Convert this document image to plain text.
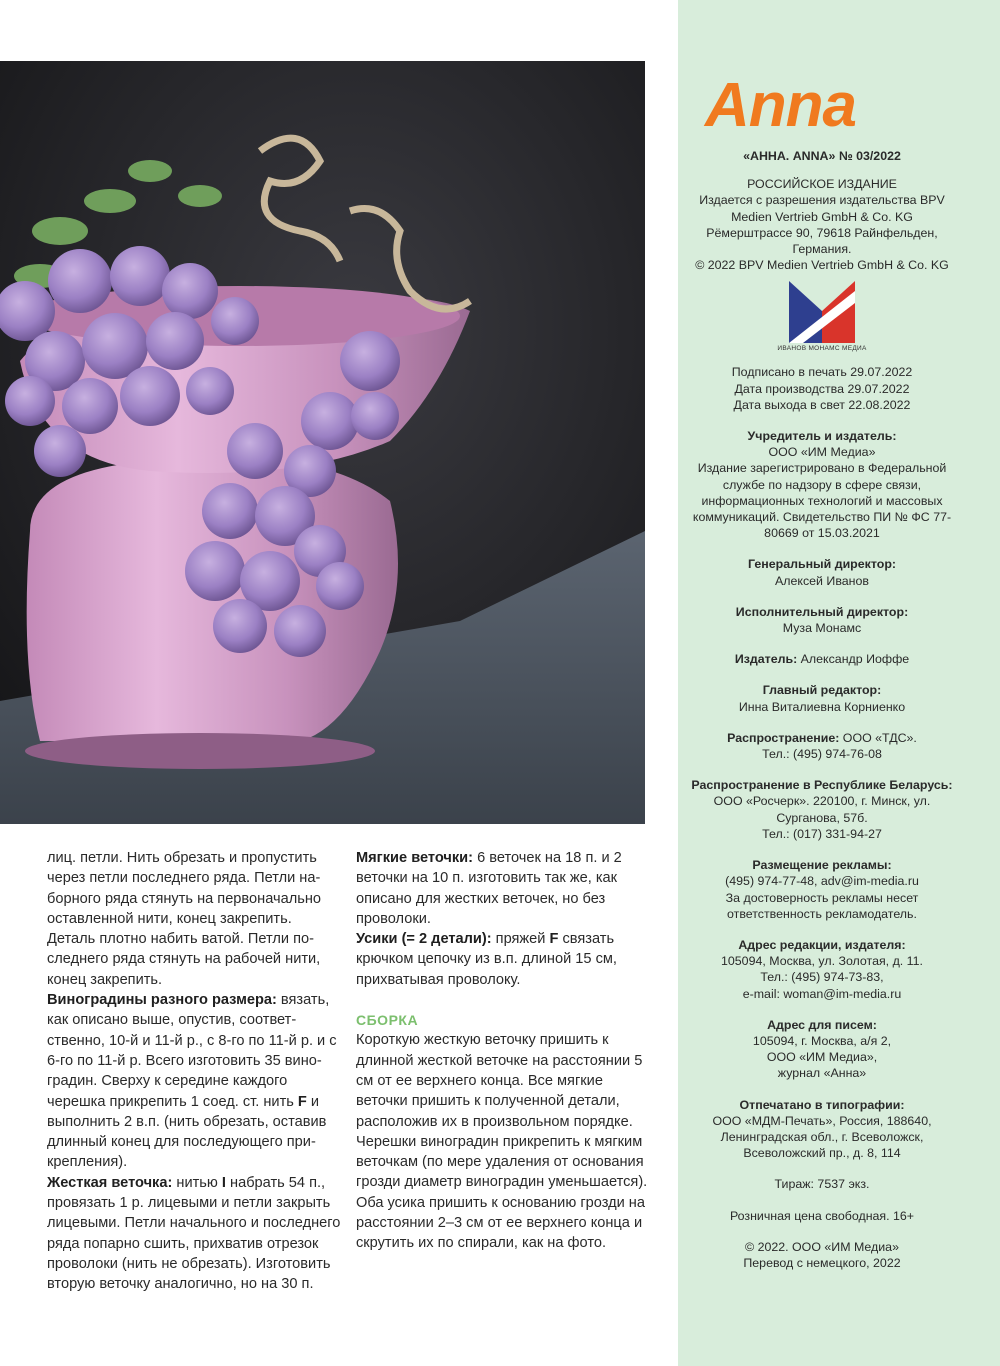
лиц. петли. Нить обрезать и пропустить через петли последнего ряда. Петли наборного ряда стянуть на первоначально оставленной нити, конец закрепить. Деталь плотно набить ватой. Петли последнего ряда стянуть на рабочей нити, конец закрепить.

Виноградины разного размера: вязать, как описано выше, опустив, соответственно, 10-й и 11-й р., с 8-го по 11-й р. и с 6-го по 11-й р. Всего изготовить 35 виноградин. Сверху к середине каждого черешка прикрепить 1 соед. ст. нить F и выполнить 2 в.п. (нить обрезать, оставив длинный конец для последующего прикрепления).

Жесткая веточка: нитью I набрать 54 п., провязать 1 р. лицевыми и петли закрыть лицевыми. Петли начального и последнего ряда попарно сшить, прихватив отрезок проволоки (нить не обрезать). Изготовить вторую веточку аналогично, но на 30 п.

Мягкие веточки: 6 веточек на 18 п. и 2 веточки на 10 п. изготовить так же, как описано для жестких веточек, но без проволоки.

Усики (= 2 детали): пряжей F связать крючком цепочку из в.п. длиной 15 см, прихватывая проволоку.

СБОРКА

Короткую жесткую веточку пришить к длинной жесткой веточке на расстоянии 5 см от ее верхнего конца. Все мягкие веточки пришить к полученной детали, расположив их в произвольном порядке. Черешки виноградин прикрепить к мягким веточкам (по мере удаления от основания грозди диаметр виноградин уменьшается).

Оба усика пришить к основанию грозди на расстоянии 2–3 см от ее верхнего конца и скрутить их по спирали, как на фото.

Anna
«АННА. ANNA» № 03/2022
РОССИЙСКОЕ ИЗДАНИЕ
Издается с разрешения издательства BPV Medien Vertrieb GmbH & Co. KG
Рёмерштрассе 90, 79618 Райнфельден, Германия.
© 2022 BPV Medien Vertrieb GmbH & Co. KG
ИВАНОВ МОНАМС МЕДИА
Подписано в печать 29.07.2022
Дата производства 29.07.2022
Дата выхода в свет 22.08.2022
Учредитель и издатель:
ООО «ИМ Медиа»
Издание зарегистрировано в Федеральной службе по надзору в сфере связи, информационных технологий и массовых коммуникаций. Свидетельство ПИ № ФС 77-80669 от 15.03.2021
Генеральный директор:
Алексей Иванов
Исполнительный директор:
Муза Монамс
Издатель: Александр Иоффе
Главный редактор:
Инна Виталиевна Корниенко
Распространение: ООО «ТДС».
Тел.: (495) 974-76-08
Распространение в Республике Беларусь: ООО «Росчерк». 220100, г. Минск, ул. Сурганова, 57б.
Тел.: (017) 331-94-27
Размещение рекламы:
(495) 974-77-48, adv@im-media.ru
За достоверность рекламы несет ответственность рекламодатель.
Адрес редакции, издателя:
105094, Москва, ул. Золотая, д. 11.
Тел.: (495) 974-73-83,
e-mail: woman@im-media.ru
Адрес для писем:
105094, г. Москва, а/я 2,
ООО «ИМ Медиа»,
журнал «Анна»
Отпечатано в типографии:
ООО «МДМ-Печать», Россия, 188640, Ленинградская обл., г. Всеволожск, Всеволожский пр., д. 8, 114
Тираж: 7537 экз.
Розничная цена свободная. 16+
© 2022. ООО «ИМ Медиа»
Перевод с немецкого, 2022
